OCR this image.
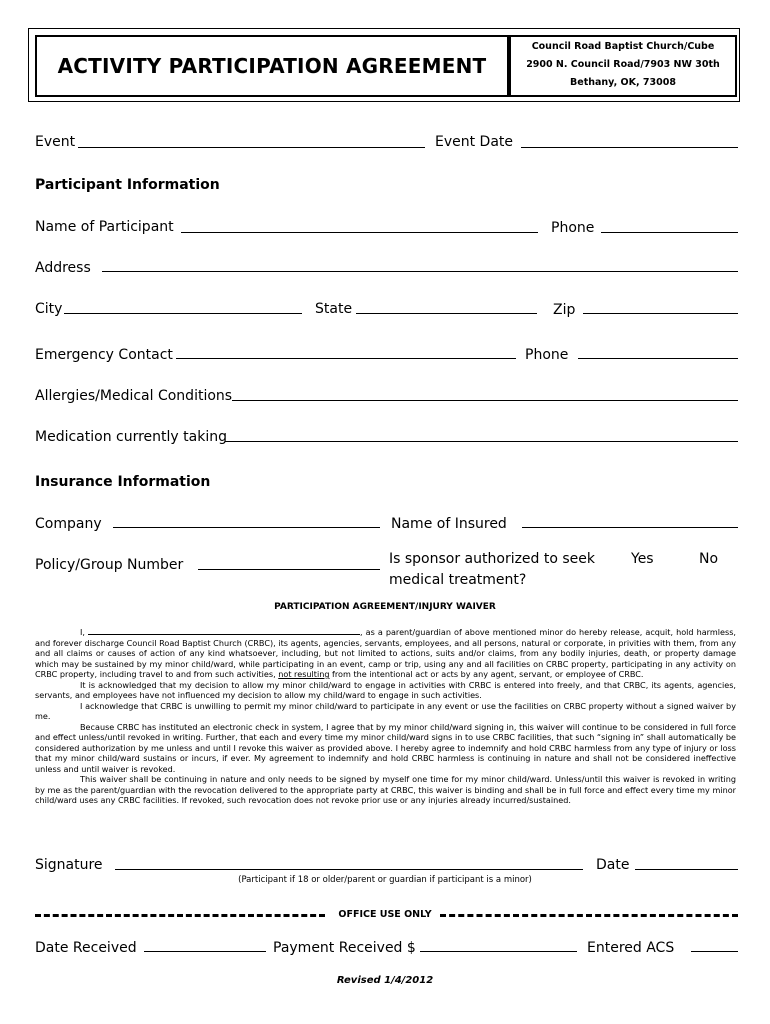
ACTIVITY PARTICIPATION AGREEMENT
Council Road Baptist Church/Cube
2900 N. Council Road/7903 NW 30th
Bethany, OK, 73008
Event	Event Date
Participant Information
Name of Participant	Phone
Address
City	State	Zip
Emergency Contact	Phone
Allergies/Medical Conditions
Medication currently taking
Insurance Information
Company	Name of Insured
Policy/Group Number	Is sponsor authorized to seek
medical treatment?
Yes	No
PARTICIPATION AGREEMENT/INJURY WAIVER

I,	, as a parent/guardian of above mentioned minor do hereby release, acquit, hold harmless, and forever discharge Council Road Baptist Church (CRBC), its agents, agencies, servants, employees, and all persons, natural or corporate, in privities with them, from any and all claims or causes of action of any kind whatsoever, including, but not limited to actions, suits and/or claims, from any bodily injuries, death, or property damage which may be sustained by my minor child/ward, while participating in an event, camp or trip, using any and all facilities on CRBC property, participating in any activity on CRBC property, including travel to and from such activities, not resulting from the intentional act or acts by any agent, servant, or employee of CRBC.

It is acknowledged that my decision to allow my minor child/ward to engage in activities with CRBC is entered into freely, and that CRBC, its agents, agencies, servants, and employees have not influenced my decision to allow my child/ward to engage in such activities.

I acknowledge that CRBC is unwilling to permit my minor child/ward to participate in any event or use the facilities on CRBC property without a signed waiver by me.

Because CRBC has instituted an electronic check in system, I agree that by my minor child/ward signing in, this waiver will continue to be considered in full force and effect unless/until revoked in writing. Further, that each and every time my minor child/ward signs in to use CRBC facilities, that such “signing in” shall automatically be considered authorization by me unless and until I revoke this waiver as provided above. I hereby agree to indemnify and hold CRBC harmless from any type of injury or loss that my minor child/ward sustains or incurs, if ever. My agreement to indemnify and hold CRBC harmless is continuing in nature and shall not be considered ineffective unless and until waiver is revoked.

This waiver shall be continuing in nature and only needs to be signed by myself one time for my minor child/ward. Unless/until this waiver is revoked in writing by me as the parent/guardian with the revocation delivered to the appropriate party at CRBC, this waiver is binding and shall be in full force and effect every time my minor child/ward uses any CRBC facilities. If revoked, such revocation does not revoke prior use or any injuries already incurred/sustained.

Signature	Date
(Participant if 18 or older/parent or guardian if participant is a minor)
OFFICE USE ONLY
Date Received	Payment Received $	Entered ACS
Revised 1/4/2012
